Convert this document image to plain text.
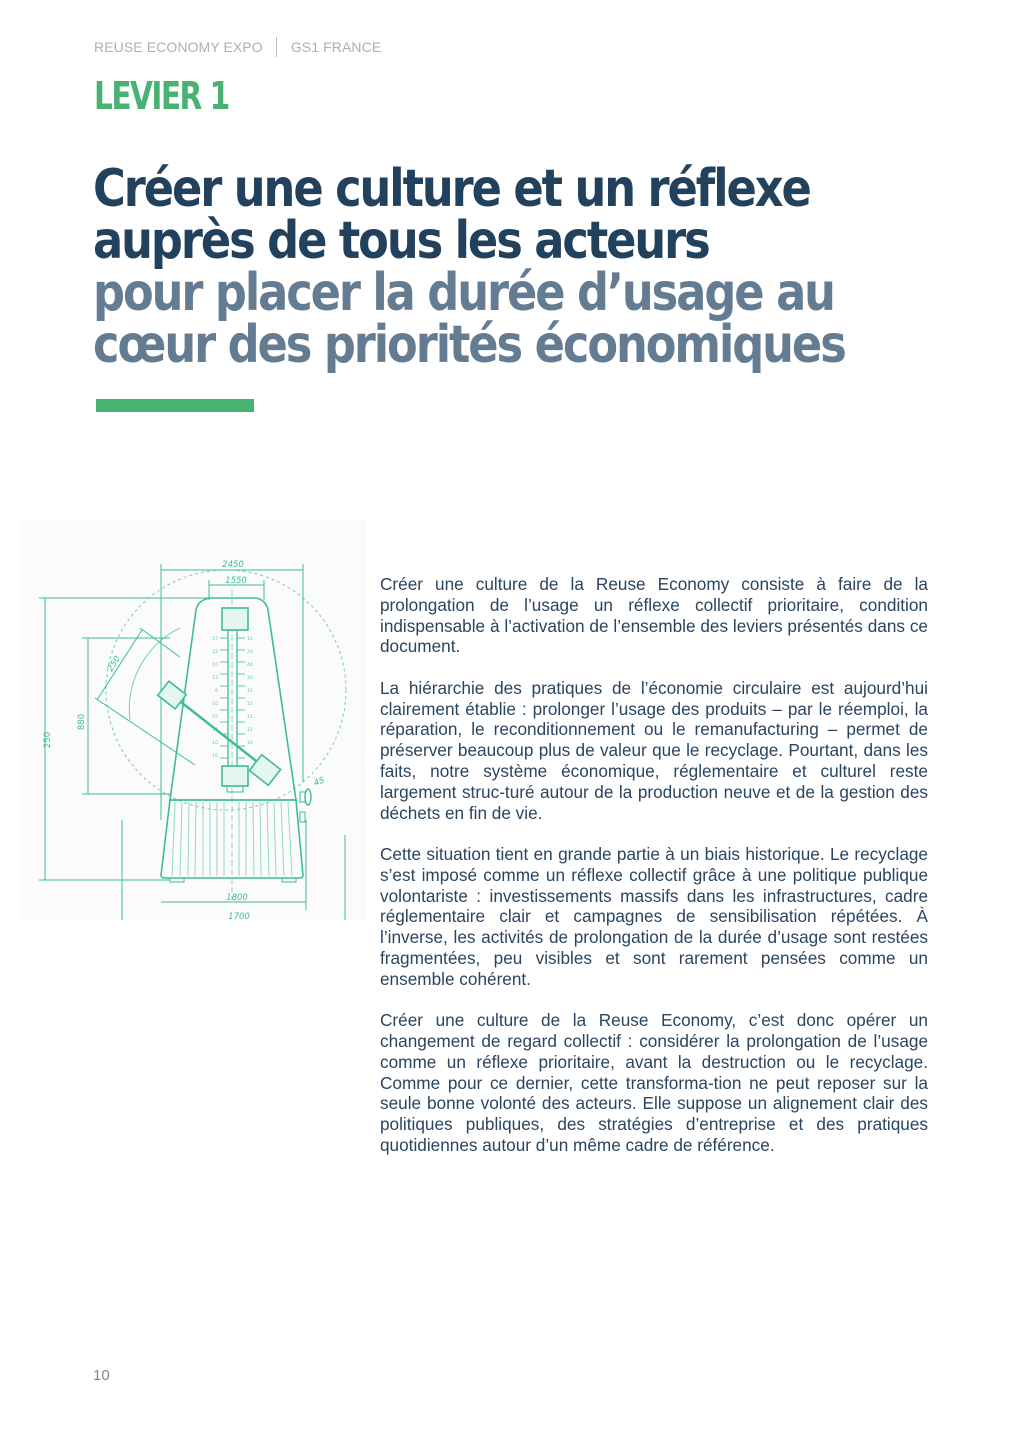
REUSE ECONOMY EXPO GS1 FRANCE
LEVIER 1
Créer une culture et un réflexe
auprès de tous les acteurs
pour placer la durée d’usage au
cœur des priorités économiques
2450
1550
1800
1700
45
250
250
880
27
22
10
13
6
10
15
10
10
10
15
20
44
10
15
15
11
12
10

Créer une culture de la Reuse Economy consiste à faire de la prolongation de l’usage un réflexe collectif prioritaire, condition indispensable à l’activation de l’ensemble des leviers présentés dans ce document.

La hiérarchie des pratiques de l’économie circulaire est aujourd’hui clairement établie : prolonger l’usage des produits – par le réemploi, la réparation, le reconditionnement ou le remanufacturing – permet de préserver beaucoup plus de valeur que le recyclage. Pourtant, dans les faits, notre système économique, réglementaire et culturel reste largement struc-turé autour de la production neuve et de la gestion des déchets en fin de vie.

Cette situation tient en grande partie à un biais historique. Le recyclage s’est imposé comme un réflexe collectif grâce à une politique publique volontariste : investissements massifs dans les infrastructures, cadre réglementaire clair et campagnes de sensibilisation répétées. À l’inverse, les activités de prolongation de la durée d’usage sont restées fragmentées, peu visibles et sont rarement pensées comme un ensemble cohérent.

Créer une culture de la Reuse Economy, c’est donc opérer un changement de regard collectif : considérer la prolongation de l’usage comme un réflexe prioritaire, avant la destruction ou le recyclage. Comme pour ce dernier, cette transforma-tion ne peut reposer sur la seule bonne volonté des acteurs. Elle suppose un alignement clair des politiques publiques, des stratégies d’entreprise et des pratiques quotidiennes autour d’un même cadre de référence.

10
